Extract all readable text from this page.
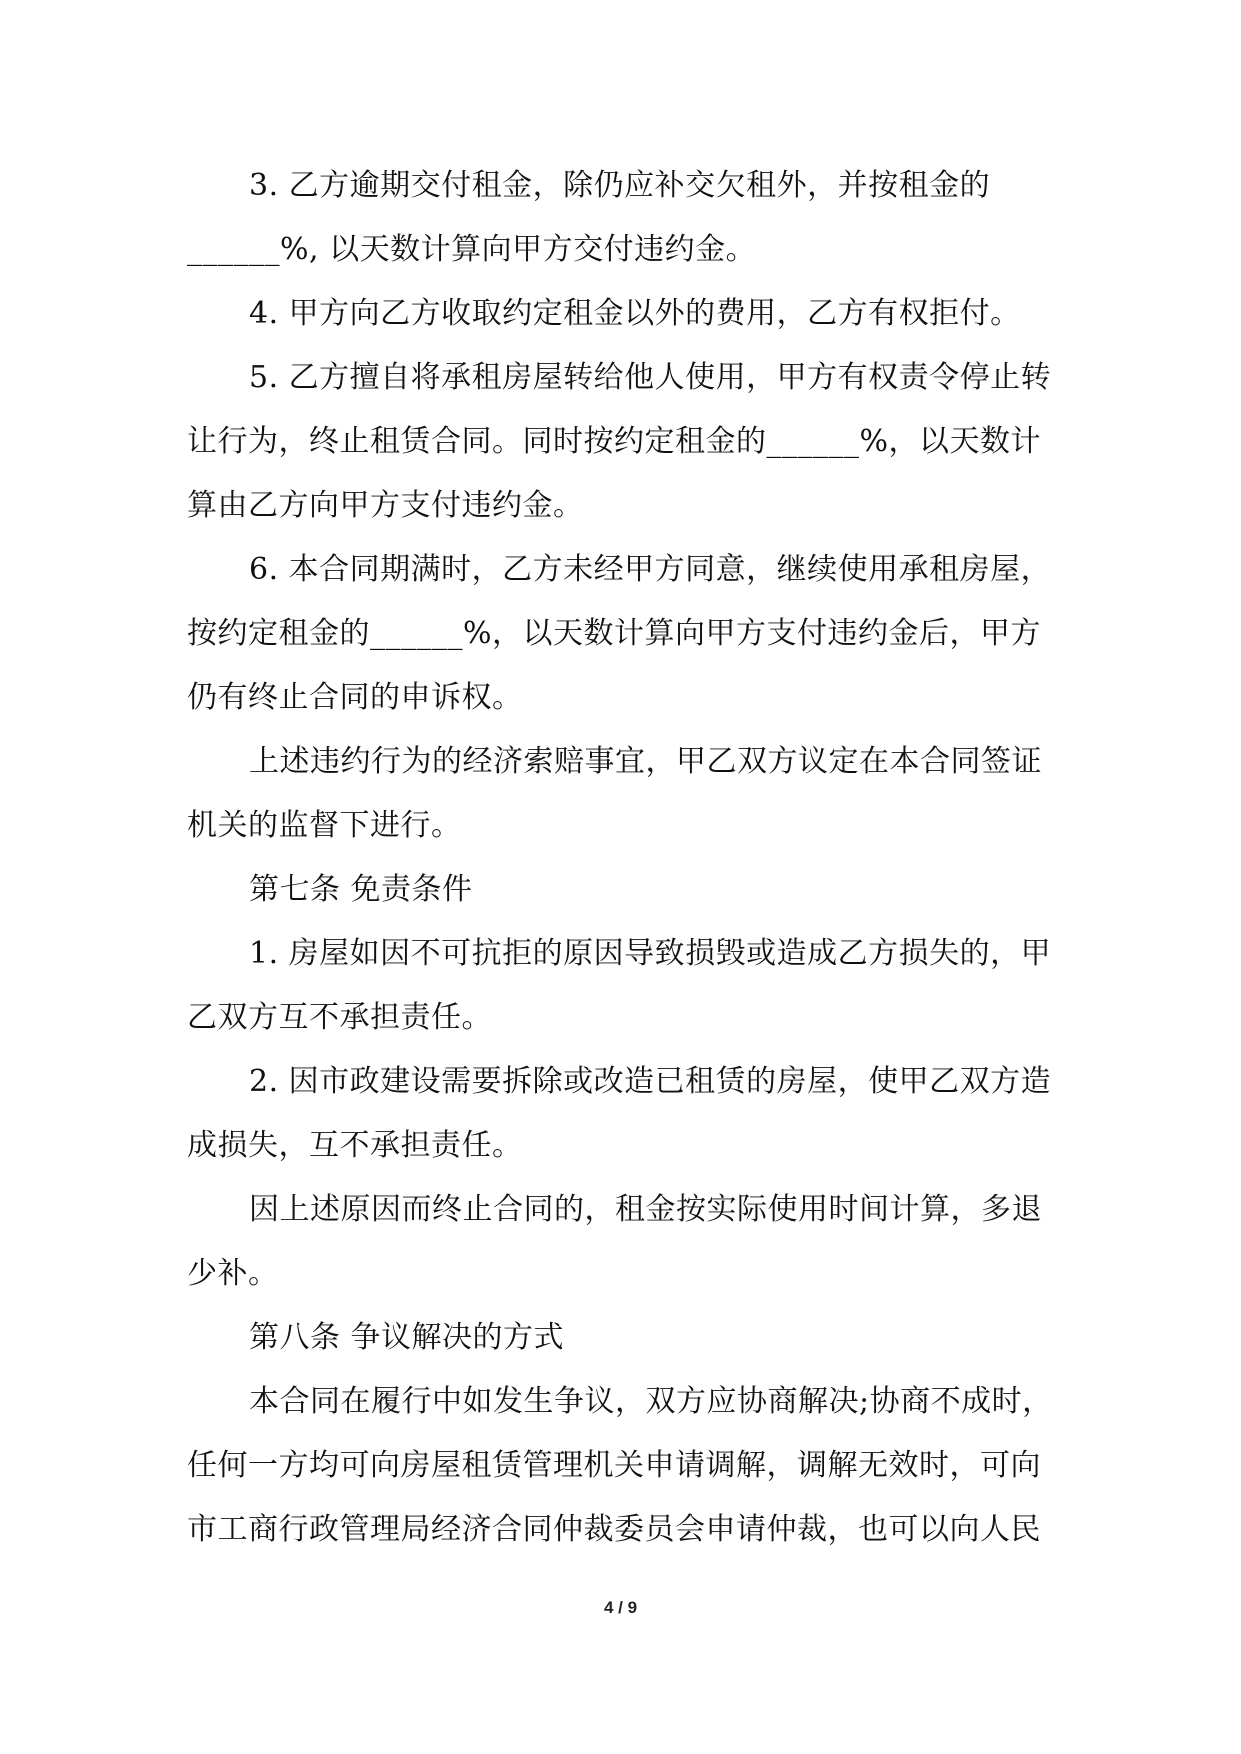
3. 乙方逾期交付租金，除仍应补交欠租外，并按租金的
______%, 以天数计算向甲方交付违约金。
4. 甲方向乙方收取约定租金以外的费用，乙方有权拒付。
5. 乙方擅自将承租房屋转给他人使用，甲方有权责令停止转
让行为，终止租赁合同。同时按约定租金的______%，以天数计
算由乙方向甲方支付违约金。
6. 本合同期满时，乙方未经甲方同意，继续使用承租房屋，
按约定租金的______%，以天数计算向甲方支付违约金后，甲方
仍有终止合同的申诉权。
上述违约行为的经济索赔事宜，甲乙双方议定在本合同签证
机关的监督下进行。
第七条 免责条件
1. 房屋如因不可抗拒的原因导致损毁或造成乙方损失的，甲
乙双方互不承担责任。
2. 因市政建设需要拆除或改造已租赁的房屋，使甲乙双方造
成损失，互不承担责任。
因上述原因而终止合同的，租金按实际使用时间计算，多退
少补。
第八条 争议解决的方式
本合同在履行中如发生争议，双方应协商解决;协商不成时，
任何一方均可向房屋租赁管理机关申请调解，调解无效时，可向
市工商行政管理局经济合同仲裁委员会申请仲裁，也可以向人民
4 / 9
